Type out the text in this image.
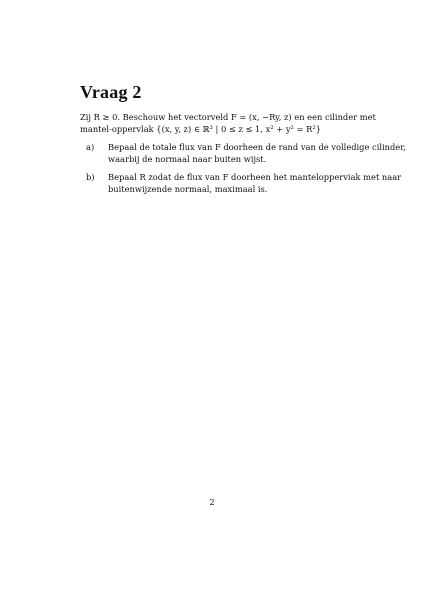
Vraag 2
Zij R ≥ 0. Beschouw het vectorveld F = (x, −Ry, z) en een cilinder met
mantel-oppervlak {(x, y, z) ∈ ℝ³ | 0 ≤ z ≤ 1, x² + y² = R²}
a) Bepaal de totale flux van F doorheen de rand van de volledige cilinder,
waarbij de normaal naar buiten wijst.
b) Bepaal R zodat de flux van F doorheen het mantelopperviak met naar
buitenwijzende normaal, maximaal is.
2
